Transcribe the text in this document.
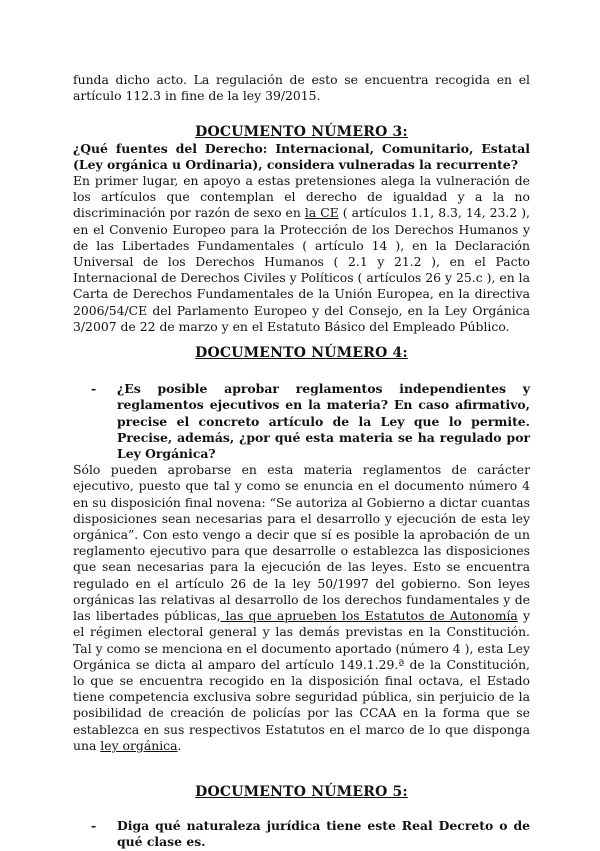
funda dicho acto. La regulación de esto se encuentra recogida en el artículo 112.3 in fine de la ley 39/2015.

DOCUMENTO NÚMERO 3:

¿Qué fuentes del Derecho: Internacional, Comunitario, Estatal (Ley orgánica u Ordinaria), considera vulneradas la recurrente?

En primer lugar, en apoyo a estas pretensiones alega la vulneración de los artículos que contemplan el derecho de igualdad y a la no discriminación por razón de sexo en la CE ( artículos 1.1, 8.3, 14, 23.2 ), en el Convenio Europeo para la Protección de los Derechos Humanos y de las Libertades Fundamentales ( artículo 14 ), en la Declaración Universal de los Derechos Humanos ( 2.1 y 21.2 ), en el Pacto Internacional de Derechos Civiles y Políticos ( artículos 26 y 25.c ), en la Carta de Derechos Fundamentales de la Unión Europea, en la directiva 2006/54/CE del Parlamento Europeo y del Consejo, en la Ley Orgánica 3/2007 de 22 de marzo y en el Estatuto Básico del Empleado Público.

DOCUMENTO NÚMERO 4:
-	¿Es posible aprobar reglamentos independientes y reglamentos ejecutivos en la materia? En caso afirmativo, precise el concreto artículo de la Ley que lo permite. Precise, además, ¿por qué esta materia se ha regulado por Ley Orgánica?

Sólo pueden aprobarse en esta materia reglamentos de carácter ejecutivo, puesto que tal y como se enuncia en el documento número 4 en su disposición final novena: “Se autoriza al Gobierno a dictar cuantas disposiciones sean necesarias para el desarrollo y ejecución de esta ley orgánica”. Con esto vengo a decir que sí es posible la aprobación de un reglamento ejecutivo para que desarrolle o establezca las disposiciones que sean necesarias para la ejecución de las leyes. Esto se encuentra regulado en el artículo 26 de la ley 50/1997 del gobierno. Son leyes orgánicas las relativas al desarrollo de los derechos fundamentales y de las libertades públicas, las que aprueben los Estatutos de Autonomía y el régimen electoral general y las demás previstas en la Constitución. Tal y como se menciona en el documento aportado (número 4 ), esta Ley Orgánica se dicta al amparo del artículo 149.1.29.ª de la Constitución, lo que se encuentra recogido en la disposición final octava, el Estado tiene competencia exclusiva sobre seguridad pública, sin perjuicio de la posibilidad de creación de policías por las CCAA en la forma que se establezca en sus respectivos Estatutos en el marco de lo que disponga una ley orgánica.

DOCUMENTO NÚMERO 5:
-	Diga qué naturaleza jurídica tiene este Real Decreto o de qué clase es.
